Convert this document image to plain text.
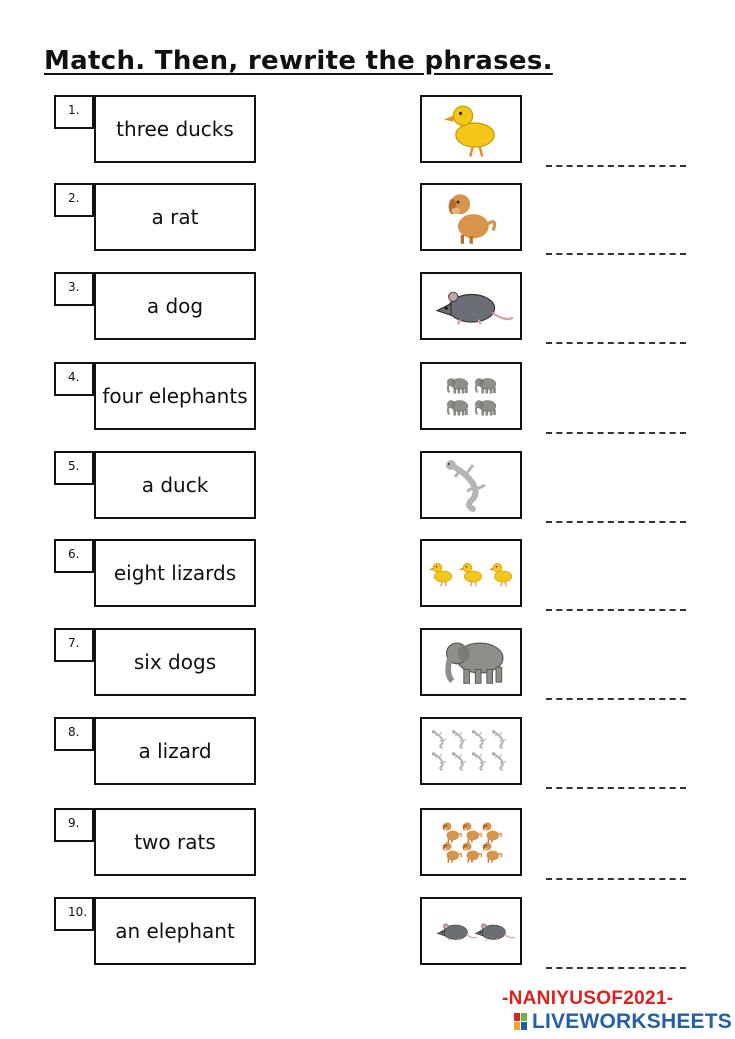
Match. Then, rewrite the phrases.
1.
three ducks
2.
a rat
3.
a dog
4.
four elephants
5.
a duck
6.
eight lizards
7.
six dogs
8.
a lizard
9.
two rats
10.
an elephant
-NANIYUSOF2021-
LIVEWORKSHEETS
